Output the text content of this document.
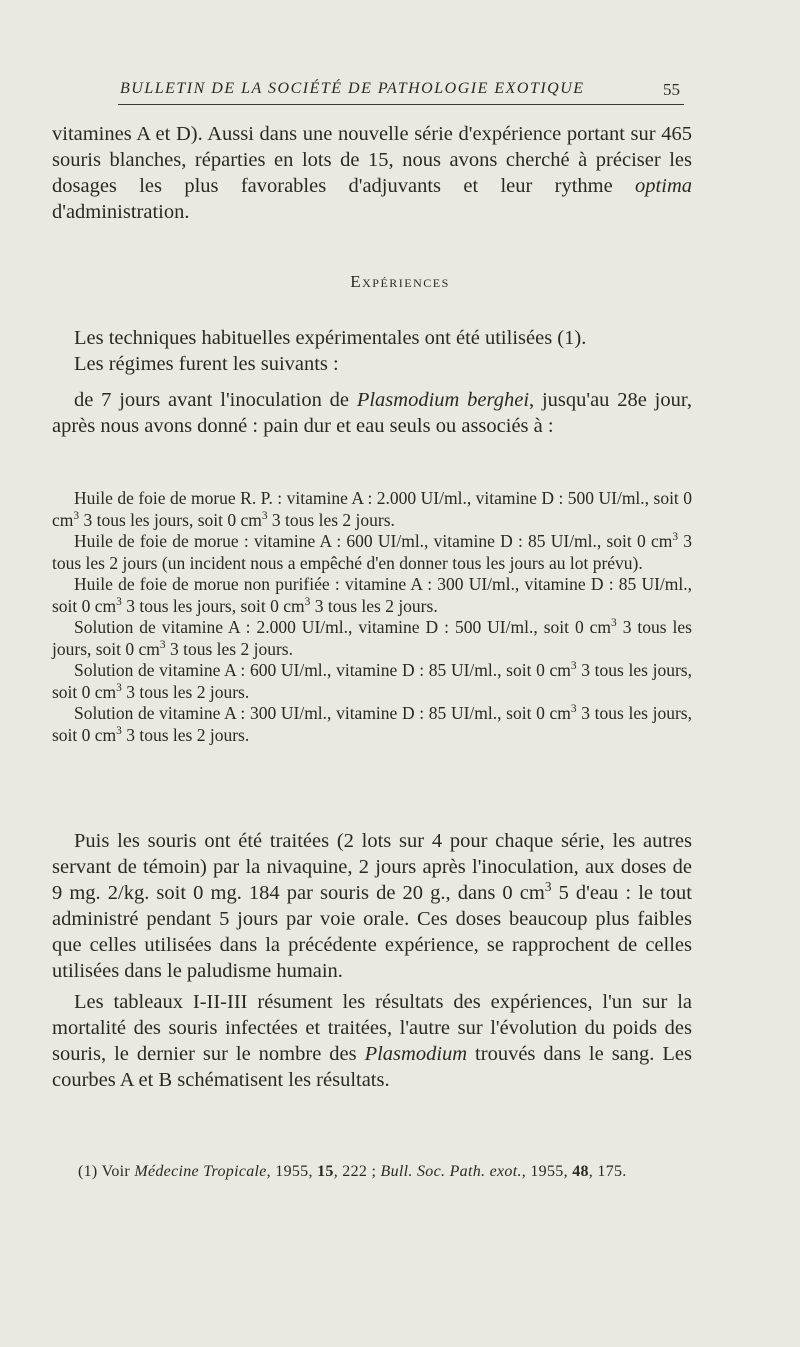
BULLETIN DE LA SOCIÉTÉ DE PATHOLOGIE EXOTIQUE	55

vitamines A et D). Aussi dans une nouvelle série d'expérience portant sur 465 souris blanches, réparties en lots de 15, nous avons cherché à préciser les dosages les plus favorables d'adjuvants et leur rythme optima d'administration.

Expériences

Les techniques habituelles expérimentales ont été utilisées (1).

Les régimes furent les suivants :

de 7 jours avant l'inoculation de Plasmodium berghei, jusqu'au 28e jour, après nous avons donné : pain dur et eau seuls ou associés à :

Huile de foie de morue R. P. : vitamine A : 2.000 UI/ml., vitamine D : 500 UI/ml., soit 0 $cm^3$ 3 tous les jours, soit 0 $cm^3$ 3 tous les 2 jours.

Huile de foie de morue : vitamine A : 600 UI/ml., vitamine D : 85 UI/ml., soit 0 $cm^3$ 3 tous les 2 jours (un incident nous a empêché d'en donner tous les jours au lot prévu).

Huile de foie de morue non purifiée : vitamine A : 300 UI/ml., vitamine D : 85 UI/ml., soit 0 $cm^3$ 3 tous les jours, soit 0 $cm^3$ 3 tous les 2 jours.

Solution de vitamine A : 2.000 UI/ml., vitamine D : 500 UI/ml., soit 0 $cm^3$ 3 tous les jours, soit 0 $cm^3$ 3 tous les 2 jours.

Solution de vitamine A : 600 UI/ml., vitamine D : 85 UI/ml., soit 0 $cm^3$ 3 tous les jours, soit 0 $cm^3$ 3 tous les 2 jours.

Solution de vitamine A : 300 UI/ml., vitamine D : 85 UI/ml., soit 0 $cm^3$ 3 tous les jours, soit 0 $cm^3$ 3 tous les 2 jours.

Puis les souris ont été traitées (2 lots sur 4 pour chaque série, les autres servant de témoin) par la nivaquine, 2 jours après l'inoculation, aux doses de 9 mg. 2/kg. soit 0 mg. 184 par souris de 20 g., dans 0 $cm^3$ 5 d'eau : le tout administré pendant 5 jours par voie orale. Ces doses beaucoup plus faibles que celles utilisées dans la précédente expérience, se rapprochent de celles utilisées dans le paludisme humain.

Les tableaux I-II-III résument les résultats des expériences, l'un sur la mortalité des souris infectées et traitées, l'autre sur l'évolution du poids des souris, le dernier sur le nombre des Plasmodium trouvés dans le sang. Les courbes A et B schématisent les résultats.

(1) Voir Médecine Tropicale, 1955, 15, 222 ; Bull. Soc. Path. exot., 1955, 48, 175.
